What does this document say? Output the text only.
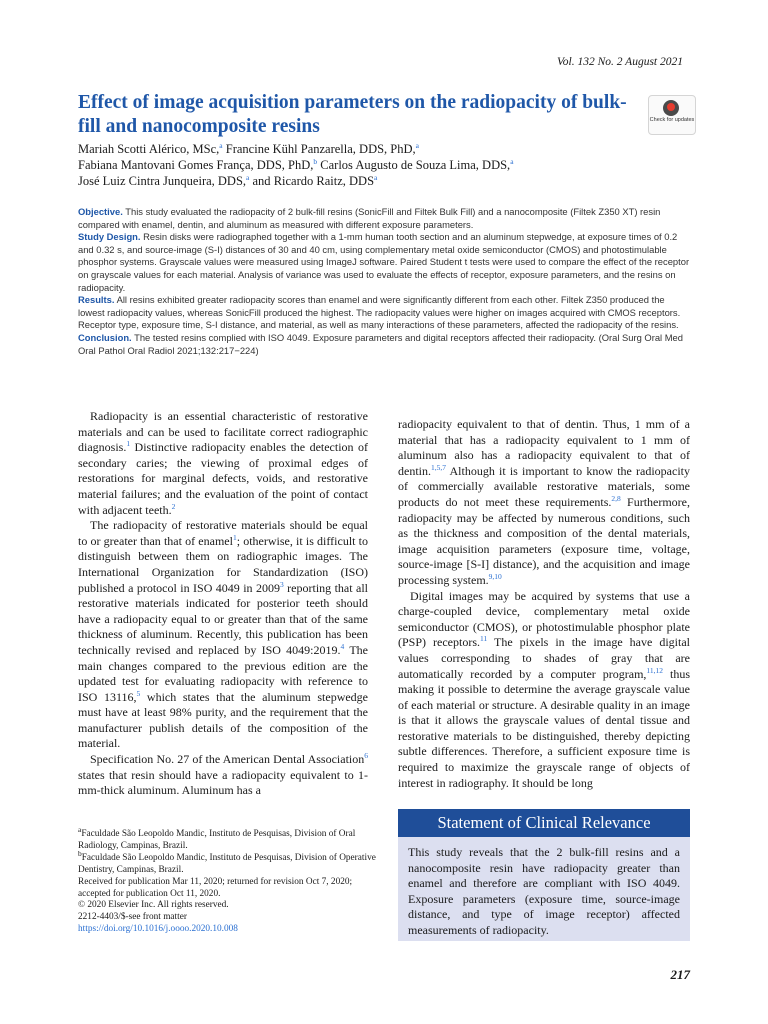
Vol. 132 No. 2 August 2021
Effect of image acquisition parameters on the radiopacity of bulk-fill and nanocomposite resins	Check for updates
Mariah Scotti Alérico, MSc,$^a$ Francine Kühl Panzarella, DDS, PhD,$^a$
Fabiana Mantovani Gomes França, DDS, PhD,$^b$ Carlos Augusto de Souza Lima, DDS,$^a$
José Luiz Cintra Junqueira, DDS,$^a$ and Ricardo Raitz, DDS$^a$

Objective. This study evaluated the radiopacity of 2 bulk-fill resins (SonicFill and Filtek Bulk Fill) and a nanocomposite (Filtek Z350 XT) resin compared with enamel, dentin, and aluminum as measured with different exposure parameters.

Study Design. Resin disks were radiographed together with a 1-mm human tooth section and an aluminum stepwedge, at exposure times of 0.2 and 0.32 s, and source-image (S-I) distances of 30 and 40 cm, using complementary metal oxide semiconductor (CMOS) and photostimulable phosphor systems. Grayscale values were measured using ImageJ software. Paired Student t tests were used to compare the effect of the receptor on grayscale values for each material. Analysis of variance was used to evaluate the effects of receptor, exposure parameters, and the resins on radiopacity.

Results. All resins exhibited greater radiopacity scores than enamel and were significantly different from each other. Filtek Z350 produced the lowest radiopacity values, whereas SonicFill produced the highest. The radiopacity values were higher on images acquired with CMOS receptors. Receptor type, exposure time, S-I distance, and material, as well as many interactions of these parameters, affected the radiopacity of the resins.

Conclusion. The tested resins complied with ISO 4049. Exposure parameters and digital receptors affected their radiopacity. (Oral Surg Oral Med Oral Pathol Oral Radiol 2021;132:217−224)

Radiopacity is an essential characteristic of restorative materials and can be used to facilitate correct radiographic diagnosis.$^1$ Distinctive radiopacity enables the detection of secondary caries; the viewing of proximal edges of restorations for marginal defects, voids, and restorative material failures; and the evaluation of the point of contact with adjacent teeth.$^2$

The radiopacity of restorative materials should be equal to or greater than that of enamel$^1$; otherwise, it is difficult to distinguish between them on radiographic images. The International Organization for Standardization (ISO) published a protocol in ISO 4049 in 2009$^3$ reporting that all restorative materials indicated for posterior teeth should have a radiopacity equal to or greater than that of the same thickness of aluminum. Recently, this publication has been technically revised and replaced by ISO 4049:2019.$^4$ The main changes compared to the previous edition are the updated test for evaluating radiopacity with reference to ISO 13116,$^5$ which states that the aluminum stepwedge must have at least 98% purity, and the requirement that the manufacturer publish details of the composition of the material.

Specification No. 27 of the American Dental Association$^6$ states that resin should have a radiopacity equivalent to 1-mm-thick aluminum. Aluminum has a

radiopacity equivalent to that of dentin. Thus, 1 mm of a material that has a radiopacity equivalent to 1 mm of aluminum also has a radiopacity equivalent to that of dentin.$^{1,5,7}$ Although it is important to know the radiopacity of commercially available restorative materials, some products do not meet these requirements.$^{2,8}$ Furthermore, radiopacity may be affected by numerous conditions, such as the thickness and composition of the dental materials, image acquisition parameters (exposure time, voltage, source-image [S-I] distance), and the acquisition and image processing system.$^{9,10}$

Digital images may be acquired by systems that use a charge-coupled device, complementary metal oxide semiconductor (CMOS), or photostimulable phosphor plate (PSP) receptors.$^{11}$ The pixels in the image have digital values corresponding to shades of gray that are automatically recorded by a computer program,$^{11,12}$ thus making it possible to determine the average grayscale value of each material or structure. A desirable quality in an image is that it allows the grayscale values of dental tissue and restorative materials to be distinguished, thereby depicting subtle differences. Therefore, a sufficient exposure time is required to maximize the grayscale range of objects of interest in radiography. It should be long

$^a$Faculdade São Leopoldo Mandic, Instituto de Pesquisas, Division of Oral Radiology, Campinas, Brazil.

$^b$Faculdade São Leopoldo Mandic, Instituto de Pesquisas, Division of Operative Dentistry, Campinas, Brazil.

Received for publication Mar 11, 2020; returned for revision Oct 7, 2020; accepted for publication Oct 11, 2020.

© 2020 Elsevier Inc. All rights reserved.

2212-4403/$-see front matter

https://doi.org/10.1016/j.oooo.2020.10.008

Statement of Clinical Relevance
This study reveals that the 2 bulk-fill resins and a nanocomposite resin have radiopacity greater than enamel and therefore are compliant with ISO 4049. Exposure parameters (exposure time, source-image distance, and type of image receptor) affected measurements of radiopacity.
217
